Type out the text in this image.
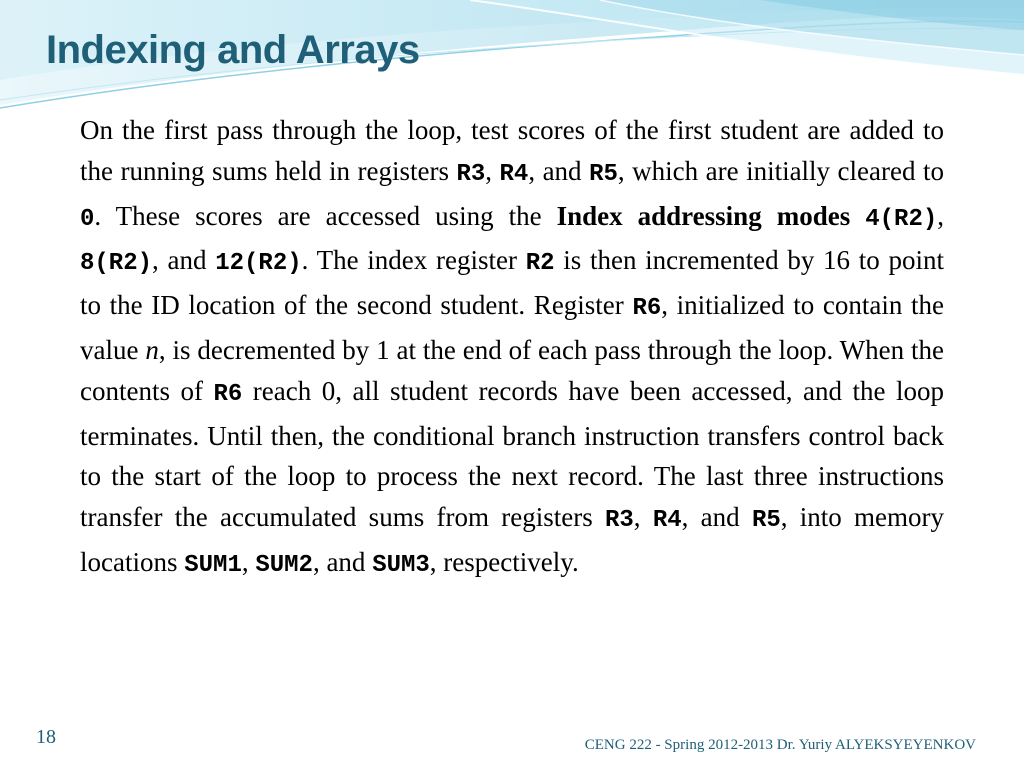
Indexing and Arrays

On the first pass through the loop, test scores of the first student are added to the running sums held in registers R3, R4, and R5, which are initially cleared to 0. These scores are accessed using the Index addressing modes 4(R2), 8(R2), and 12(R2). The index register R2 is then incremented by 16 to point to the ID location of the second student. Register R6, initialized to contain the value n, is decremented by 1 at the end of each pass through the loop. When the contents of R6 reach 0, all student records have been accessed, and the loop terminates. Until then, the conditional branch instruction transfers control back to the start of the loop to process the next record. The last three instructions transfer the accumulated sums from registers R3, R4, and R5, into memory locations SUM1, SUM2, and SUM3, respectively.

18	CENG 222 - Spring 2012-2013 Dr. Yuriy ALYEKSYEYENKOV
